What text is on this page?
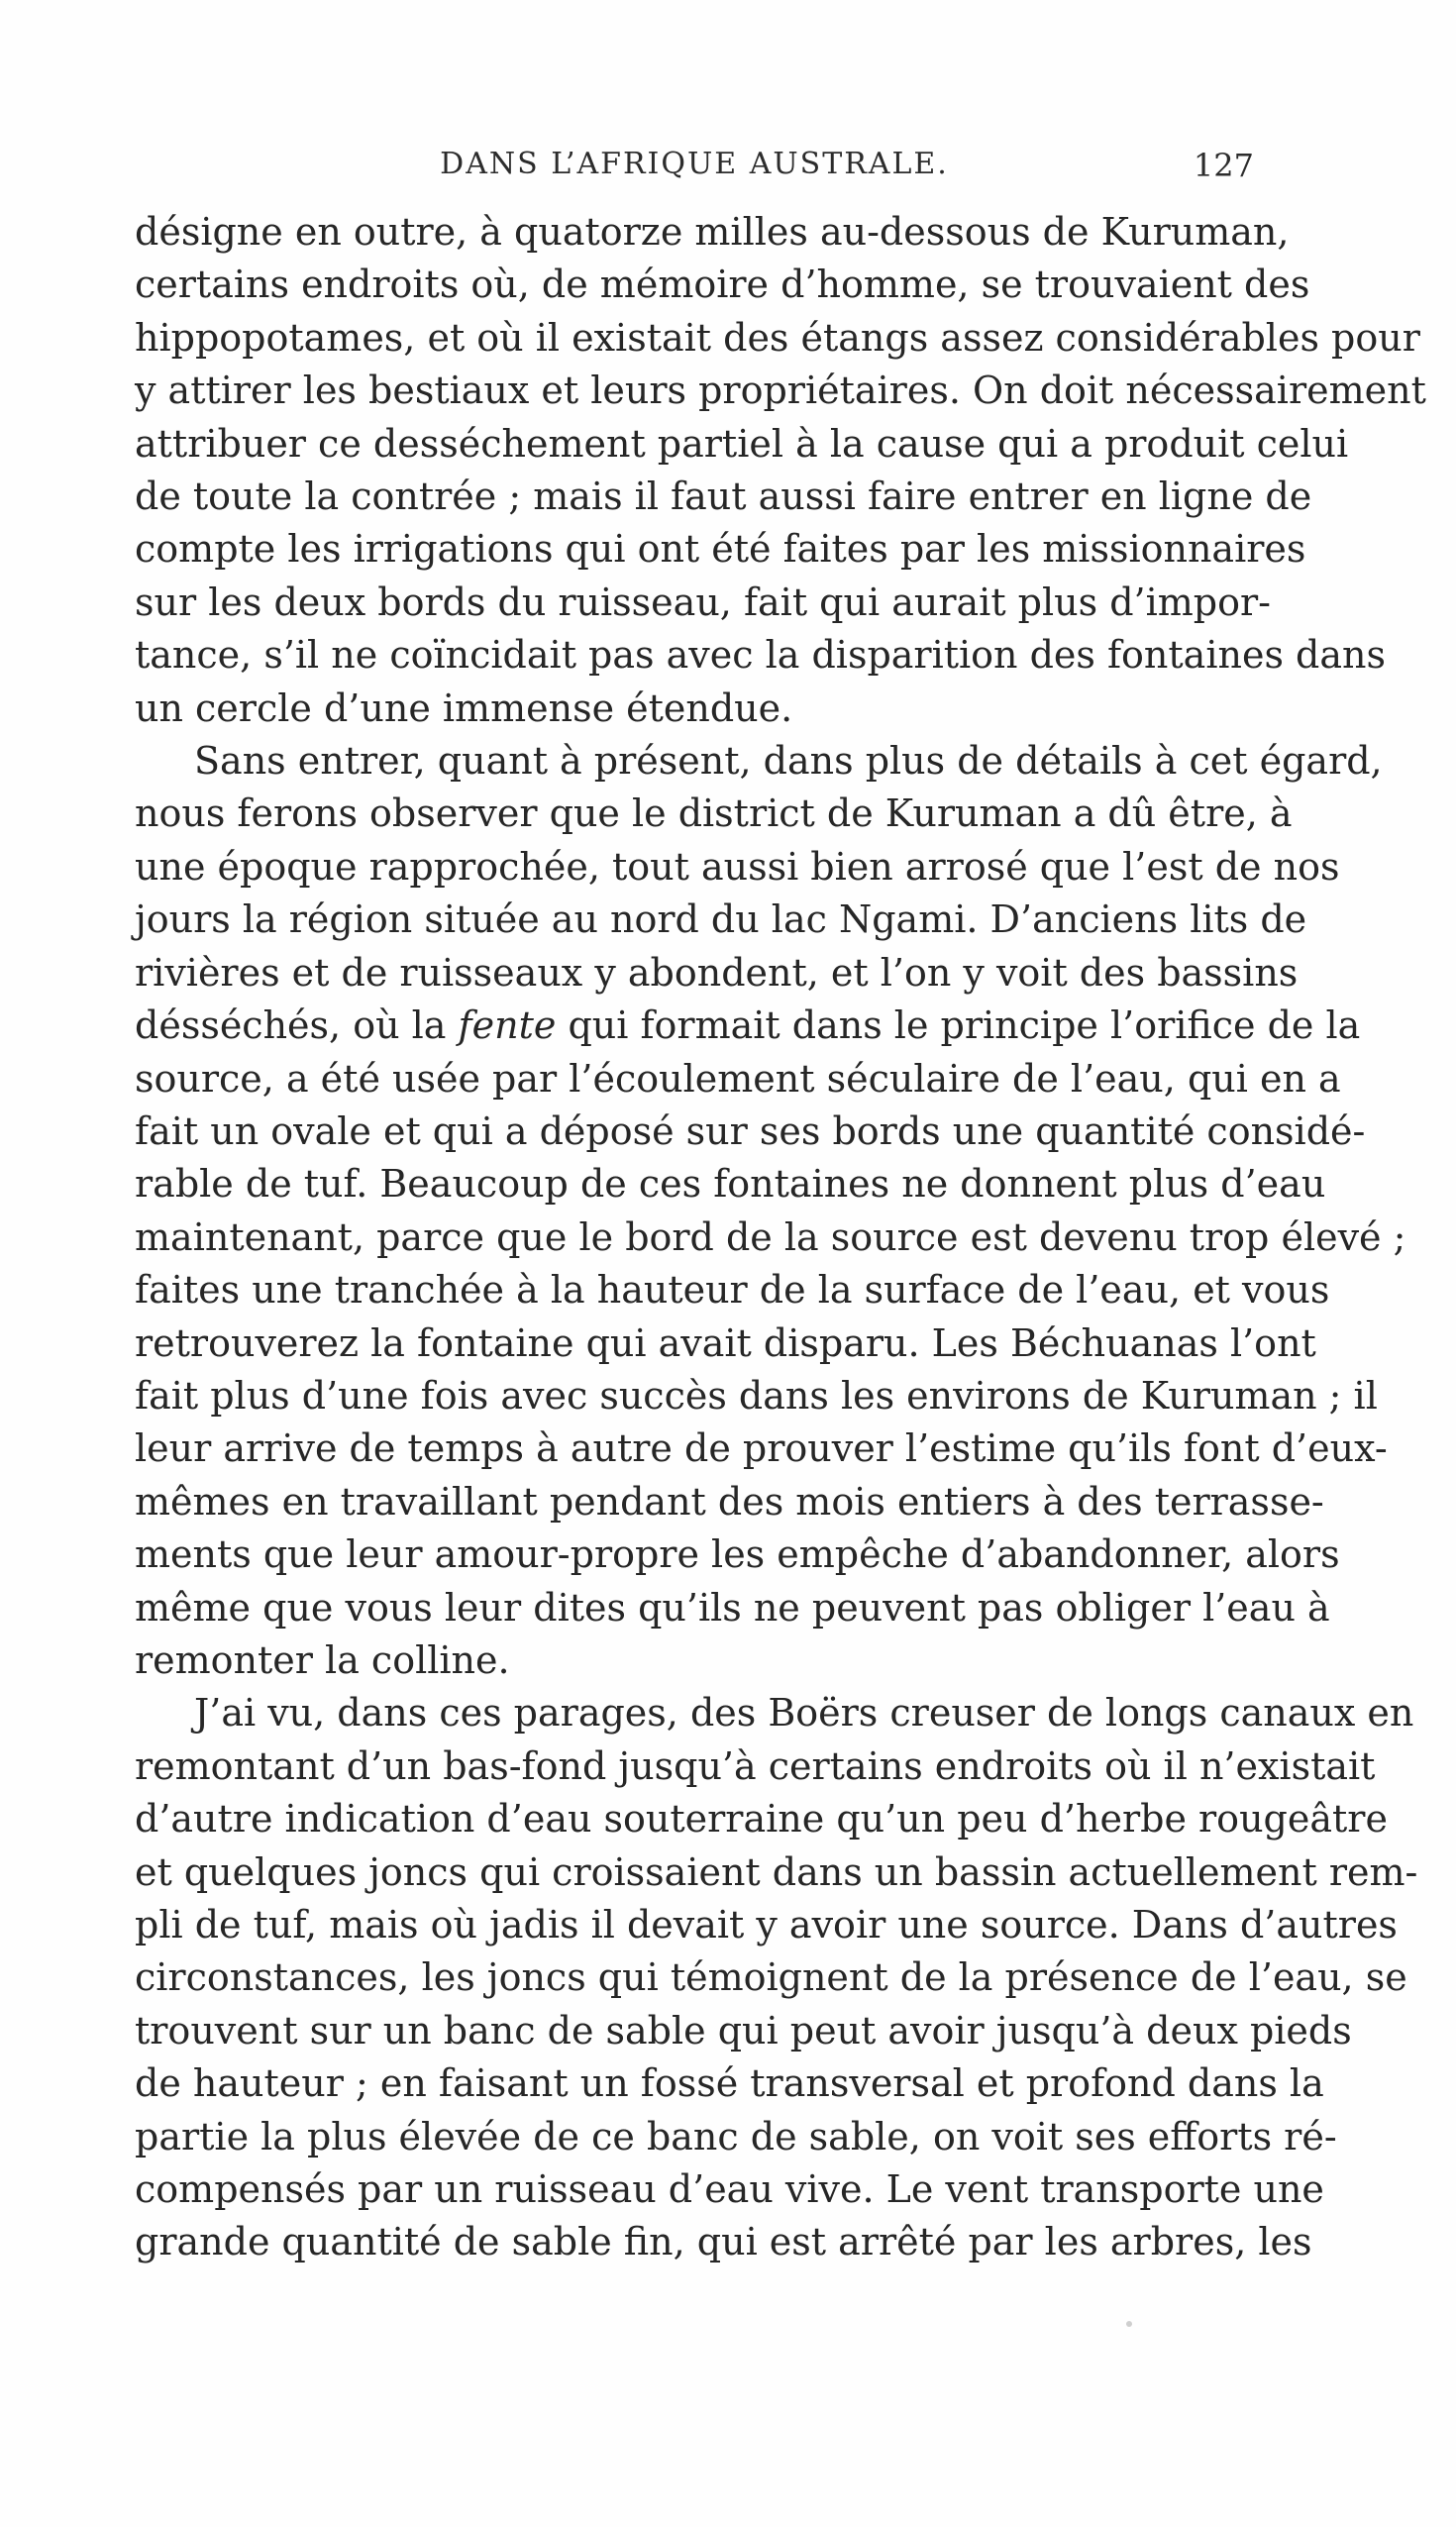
DANS L’AFRIQUE AUSTRALE.	127
désigne en outre, à quatorze milles au-dessous de Kuruman,
certains endroits où, de mémoire d’homme, se trouvaient des
hippopotames, et où il existait des étangs assez considérables pour
y attirer les bestiaux et leurs propriétaires. On doit nécessairement
attribuer ce desséchement partiel à la cause qui a produit celui
de toute la contrée ; mais il faut aussi faire entrer en ligne de
compte les irrigations qui ont été faites par les missionnaires
sur les deux bords du ruisseau, fait qui aurait plus d’impor-
tance, s’il ne coïncidait pas avec la disparition des fontaines dans
un cercle d’une immense étendue.
Sans entrer, quant à présent, dans plus de détails à cet égard,
nous ferons observer que le district de Kuruman a dû être, à
une époque rapprochée, tout aussi bien arrosé que l’est de nos
jours la région située au nord du lac Ngami. D’anciens lits de
rivières et de ruisseaux y abondent, et l’on y voit des bassins
désséchés, où la fente qui formait dans le principe l’orifice de la
source, a été usée par l’écoulement séculaire de l’eau, qui en a
fait un ovale et qui a déposé sur ses bords une quantité considé-
rable de tuf. Beaucoup de ces fontaines ne donnent plus d’eau
maintenant, parce que le bord de la source est devenu trop élevé ;
faites une tranchée à la hauteur de la surface de l’eau, et vous
retrouverez la fontaine qui avait disparu. Les Béchuanas l’ont
fait plus d’une fois avec succès dans les environs de Kuruman ; il
leur arrive de temps à autre de prouver l’estime qu’ils font d’eux-
mêmes en travaillant pendant des mois entiers à des terrasse-
ments que leur amour-propre les empêche d’abandonner, alors
même que vous leur dites qu’ils ne peuvent pas obliger l’eau à
remonter la colline.
J’ai vu, dans ces parages, des Boërs creuser de longs canaux en
remontant d’un bas-fond jusqu’à certains endroits où il n’existait
d’autre indication d’eau souterraine qu’un peu d’herbe rougeâtre
et quelques joncs qui croissaient dans un bassin actuellement rem-
pli de tuf, mais où jadis il devait y avoir une source. Dans d’autres
circonstances, les joncs qui témoignent de la présence de l’eau, se
trouvent sur un banc de sable qui peut avoir jusqu’à deux pieds
de hauteur ; en faisant un fossé transversal et profond dans la
partie la plus élevée de ce banc de sable, on voit ses efforts ré-
compensés par un ruisseau d’eau vive. Le vent transporte une
grande quantité de sable fin, qui est arrêté par les arbres, les
